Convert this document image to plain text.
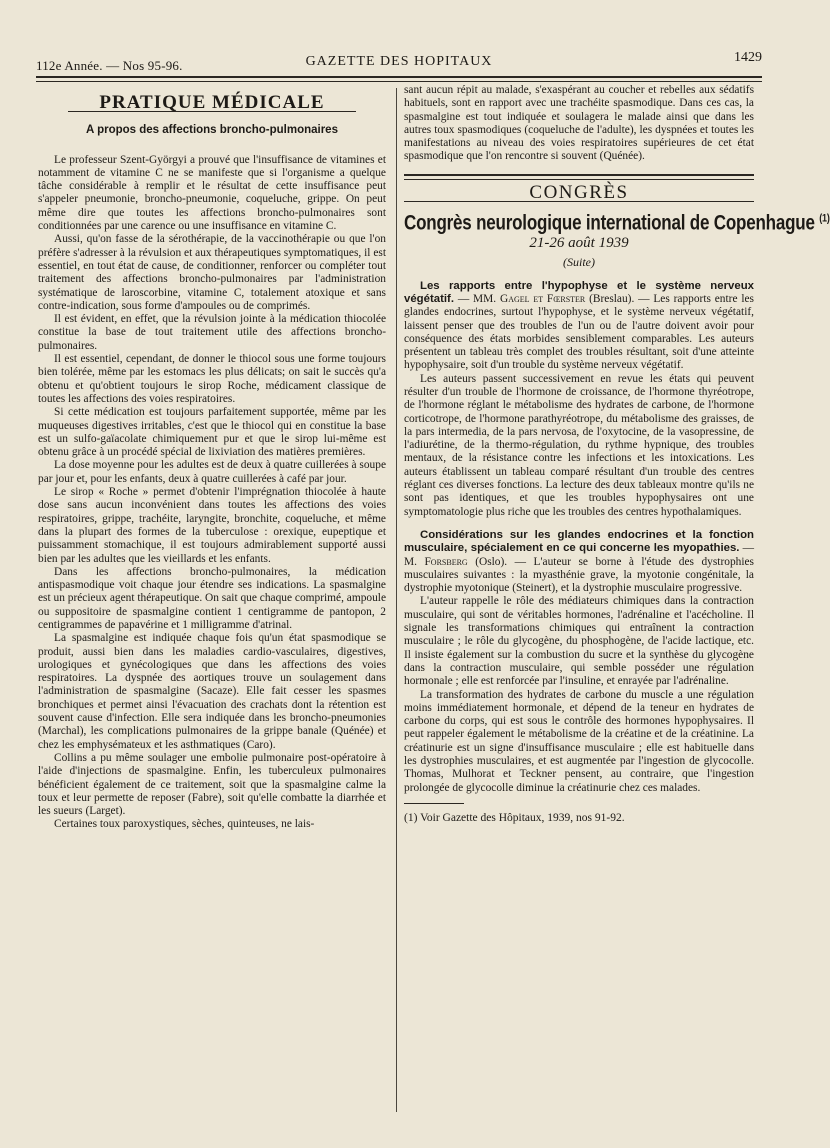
112e Année. — Nos 95-96.	GAZETTE DES HOPITAUX	1429
PRATIQUE MÉDICALE
A propos des affections broncho-pulmonaires

Le professeur Szent-Györgyi a prouvé que l'insuffisance de vitamines et notamment de vitamine C ne se manifeste que si l'organisme a quelque tâche considérable à remplir et le résultat de cette insuffisance peut s'appeler pneumonie, broncho-pneumonie, coqueluche, grippe. On peut même dire que toutes les affections broncho-pulmonaires sont conditionnées par une carence ou une insuffisance en vitamine C.

Aussi, qu'on fasse de la sérothérapie, de la vaccinothérapie ou que l'on préfère s'adresser à la révulsion et aux thérapeutiques symptomatiques, il est essentiel, en tout état de cause, de conditionner, renforcer ou compléter tout traitement des affections broncho-pulmonaires par l'administration systématique de laroscorbine, vitamine C, totalement atoxique et sans contre-indication, sous forme d'ampoules ou de comprimés.

Il est évident, en effet, que la révulsion jointe à la médication thiocolée constitue la base de tout traitement utile des affections broncho-pulmonaires.

Il est essentiel, cependant, de donner le thiocol sous une forme toujours bien tolérée, même par les estomacs les plus délicats; on sait le succès qu'a obtenu et qu'obtient toujours le sirop Roche, médicament classique de toutes les affections des voies respiratoires.

Si cette médication est toujours parfaitement supportée, même par les muqueuses digestives irritables, c'est que le thiocol qui en constitue la base est un sulfo-gaïacolate chimiquement pur et que le sirop lui-même est obtenu grâce à un procédé spécial de lixiviation des matières premières.

La dose moyenne pour les adultes est de deux à quatre cuillerées à soupe par jour et, pour les enfants, deux à quatre cuillerées à café par jour.

Le sirop « Roche » permet d'obtenir l'imprégnation thiocolée à haute dose sans aucun inconvénient dans toutes les affections des voies respiratoires, grippe, trachéite, laryngite, bronchite, coqueluche, et même dans la plupart des formes de la tuberculose : orexique, eupeptique et puissamment stomachique, il est toujours admirablement supporté aussi bien par les adultes que les vieillards et les enfants.

Dans les affections broncho-pulmonaires, la médication antispasmodique voit chaque jour étendre ses indications. La spasmalgine est un précieux agent thérapeutique. On sait que chaque comprimé, ampoule ou suppositoire de spasmalgine contient 1 centigramme de pantopon, 2 centigrammes de papavérine et 1 milligramme d'atrinal.

La spasmalgine est indiquée chaque fois qu'un état spasmodique se produit, aussi bien dans les maladies cardio-vasculaires, digestives, urologiques et gynécologiques que dans les affections des voies respiratoires. La dyspnée des aortiques trouve un soulagement dans l'administration de spasmalgine (Sacaze). Elle fait cesser les spasmes bronchiques et permet ainsi l'évacuation des crachats dont la rétention est souvent cause d'infection. Elle sera indiquée dans les broncho-pneumonies (Marchal), les complications pulmonaires de la grippe banale (Quénée) et chez les emphysémateux et les asthmatiques (Caro).

Collins a pu même soulager une embolie pulmonaire post-opératoire à l'aide d'injections de spasmalgine. Enfin, les tuberculeux pulmonaires bénéficient également de ce traitement, soit que la spasmalgine calme la toux et leur permette de reposer (Fabre), soit qu'elle combatte la diarrhée et les sueurs (Larget).

Certaines toux paroxystiques, sèches, quinteuses, ne lais-

sant aucun répit au malade, s'exaspérant au coucher et rebelles aux sédatifs habituels, sont en rapport avec une trachéite spasmodique. Dans ces cas, la spasmalgine est tout indiquée et soulagera le malade ainsi que dans les autres toux spasmodiques (coqueluche de l'adulte), les dyspnées et toutes les manifestations au niveau des voies respiratoires supérieures de cet état spasmodique que l'on rencontre si souvent (Quénée).

CONGRÈS
Congrès neurologique international de Copenhague $^{(1)}$
21-26 août 1939
(Suite)

Les rapports entre l'hypophyse et le système nerveux végétatif. — MM. Gagel et Fœrster (Breslau). — Les rapports entre les glandes endocrines, surtout l'hypophyse, et le système nerveux végétatif, laissent penser que des troubles de l'un ou de l'autre doivent avoir pour conséquence des états morbides sensiblement comparables. Les auteurs présentent un tableau très complet des troubles résultant, soit d'une atteinte hypophysaire, soit d'un trouble du système nerveux végétatif.

Les auteurs passent successivement en revue les états qui peuvent résulter d'un trouble de l'hormone de croissance, de l'hormone thyréotrope, de l'hormone réglant le métabolisme des hydrates de carbone, de l'hormone corticotrope, de l'hormone parathyréotrope, du métabolisme des graisses, de la pars intermedia, de la pars nervosa, de l'oxytocine, de la vasopressine, de l'adiurétine, de la thermo-régulation, du rythme hypnique, des troubles mentaux, de la résistance contre les infections et les intoxications. Les auteurs établissent un tableau comparé résultant d'un trouble des centres réglant ces diverses fonctions. La lecture des deux tableaux montre qu'ils ne sont pas identiques, et que les troubles hypophysaires ont une symptomatologie plus riche que les troubles des centres hypothalamiques.

Considérations sur les glandes endocrines et la fonction musculaire, spécialement en ce qui concerne les myopathies. — M. Forsberg (Oslo). — L'auteur se borne à l'étude des dystrophies musculaires suivantes : la myasthénie grave, la myotonie congénitale, la dystrophie myotonique (Steinert), et la dystrophie musculaire progressive.

L'auteur rappelle le rôle des médiateurs chimiques dans la contraction musculaire, qui sont de véritables hormones, l'adrénaline et l'acécholine. Il signale les transformations chimiques qui entraînent la contraction musculaire ; le rôle du glycogène, du phosphogène, de l'acide lactique, etc. Il insiste également sur la combustion du sucre et la synthèse du glycogène dans la contraction musculaire, qui semble posséder une régulation hormonale ; elle est renforcée par l'insuline, et enrayée par l'adrénaline.

La transformation des hydrates de carbone du muscle a une régulation moins immédiatement hormonale, et dépend de la teneur en hydrates de carbone du corps, qui est sous le contrôle des hormones hypophysaires. Il peut rappeler également le métabolisme de la créatine et de la créatinine. La créatinurie est un signe d'insuffisance musculaire ; elle est habituelle dans les dystrophies musculaires, et est augmentée par l'ingestion de glycocolle. Thomas, Mulhorat et Teckner pensent, au contraire, que l'ingestion prolongée de glycocolle diminue la créatinurie chez ces malades.

(1) Voir Gazette des Hôpitaux, 1939, nos 91-92.
